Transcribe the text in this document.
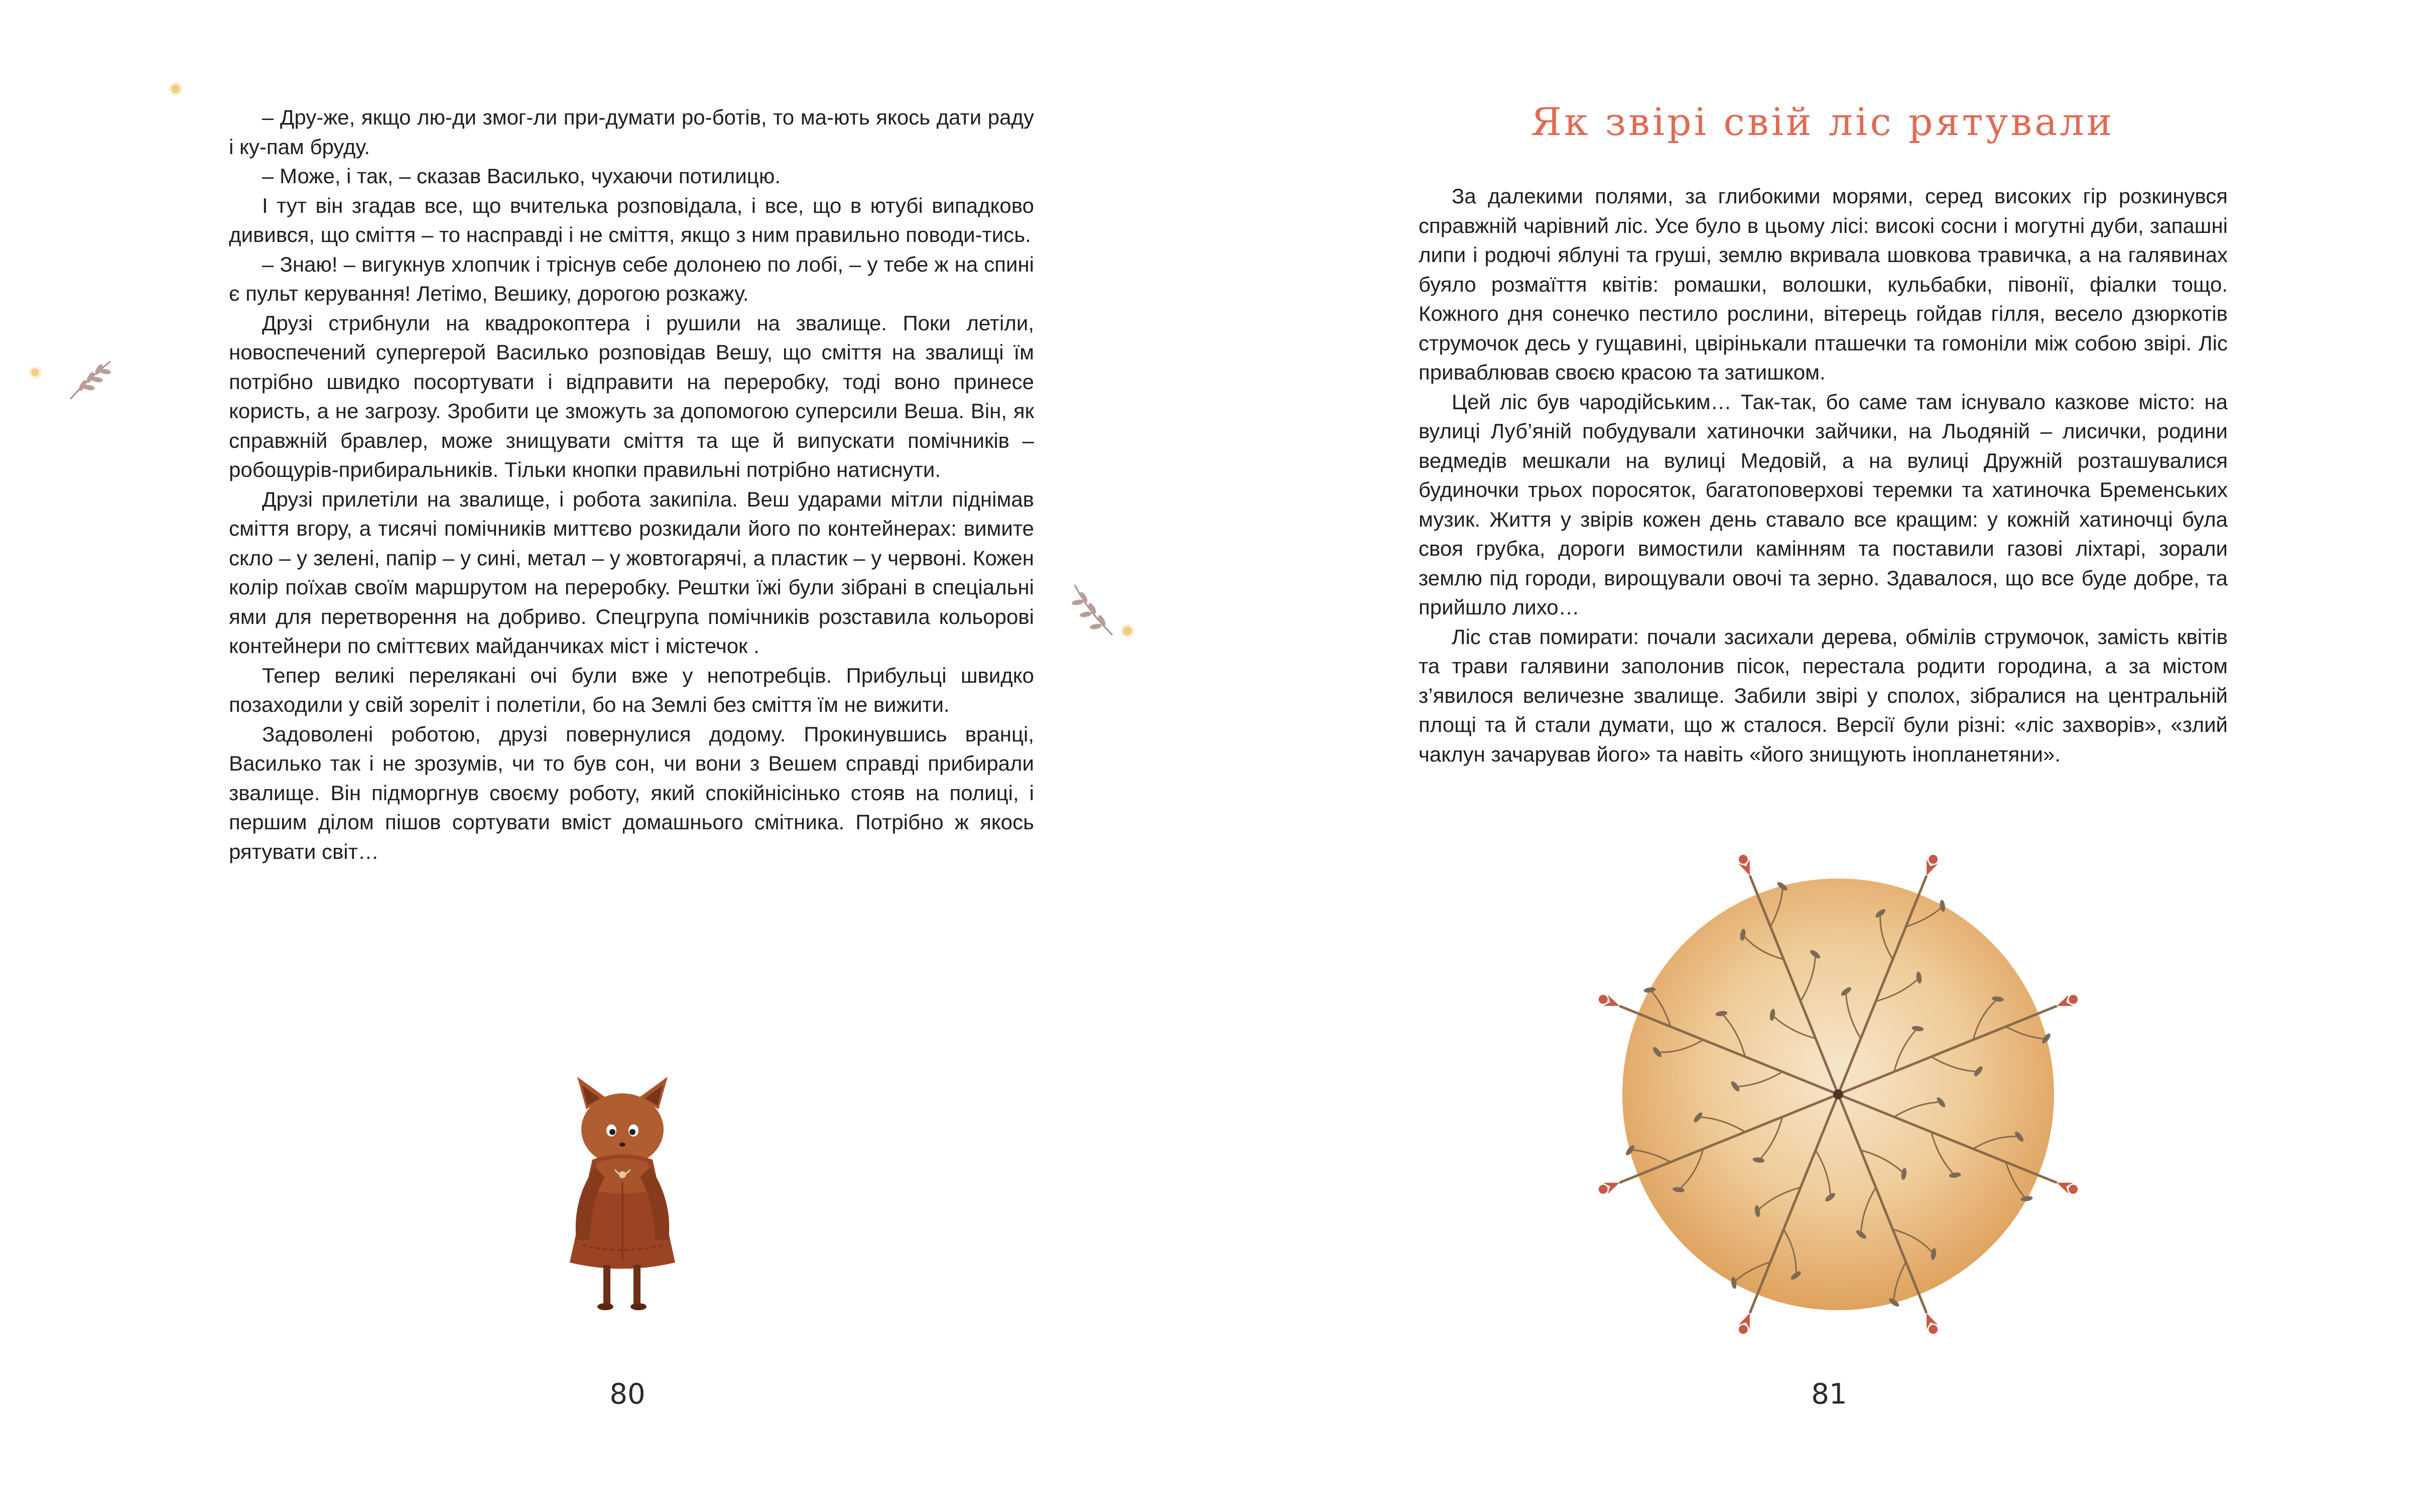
– Дру-же, якщо лю-ди змог-ли при-думати ро-ботів, то ма-ють якось дати раду і ку-пам бруду.

– Може, і так, – сказав Василько, чухаючи потилицю.

І тут він згадав все, що вчителька розповідала, і все, що в ютубі випадково дивився, що сміття – то насправді і не сміття, якщо з ним правильно поводи-тись.

– Знаю! – вигукнув хлопчик і тріснув себе долонею по лобі, – у тебе ж на спині є пульт керування! Летімо, Вешику, дорогою розкажу.

Друзі стрибнули на квадрокоптера і рушили на звалище. Поки летіли, новоспечений супергерой Василько розповідав Вешу, що сміття на звалищі їм потрібно швидко посортувати і відправити на переробку, тоді воно принесе користь, а не загрозу. Зробити це зможуть за допомогою суперсили Веша. Він, як справжній бравлер, може знищувати сміття та ще й випускати помічників – робощурів-прибиральників. Тільки кнопки правильні потрібно натиснути.

Друзі прилетіли на звалище, і робота закипіла. Веш ударами мітли піднімав сміття вгору, а тисячі помічників миттєво розкидали його по контейнерах: вимите скло – у зелені, папір – у сині, метал – у жовтогарячі, а пластик – у червоні. Кожен колір поїхав своїм маршрутом на переробку. Рештки їжі були зібрані в спеціальні ями для перетворення на добриво. Спецгрупа помічників розставила кольорові контейнери по сміттєвих майданчиках міст і містечок .

Тепер великі перелякані очі були вже у непотребців. Прибульці швидко позаходили у свій зореліт і полетіли, бо на Землі без сміття їм не вижити.

Задоволені роботою, друзі повернулися додому. Прокинувшись вранці, Василько так і не зрозумів, чи то був сон, чи вони з Вешем справді прибирали звалище. Він підморгнув своєму роботу, який спокійнісінько стояв на полиці, і першим ділом пішов сортувати вміст домашнього смітника. Потрібно ж якось рятувати світ…

80
Як звірі свій ліс рятували

За далекими полями, за глибокими морями, серед високих гір розкинувся справжній чарівний ліс. Усе було в цьому лісі: високі сосни і могутні дуби, запашні липи і родючі яблуні та груші, землю вкривала шовкова травичка, а на галявинах буяло розмаїття квітів: ромашки, волошки, кульбабки, півонії, фіалки тощо. Кожного дня сонечко пестило рослини, вітерець гойдав гілля, весело дзюркотів струмочок десь у гущавині, цвірінькали пташечки та гомоніли між собою звірі. Ліс приваблював своєю красою та затишком.

Цей ліс був чародійським… Так-так, бо саме там існувало казкове місто: на вулиці Луб’яній побудували хатиночки зайчики, на Льодяній – лисички, родини ведмедів мешкали на вулиці Медовій, а на вулиці Дружній розташувалися будиночки трьох поросяток, багатоповерхові теремки та хатиночка Бременських музик. Життя у звірів кожен день ставало все кращим: у кожній хатиночці була своя грубка, дороги вимостили камінням та поставили газові ліхтарі, зорали землю під городи, вирощували овочі та зерно. Здавалося, що все буде добре, та прийшло лихо…

Ліс став помирати: почали засихали дерева, обмілів струмочок, замість квітів та трави галявини заполонив пісок, перестала родити городина, а за містом з’явилося величезне звалище. Забили звірі у сполох, зібралися на центральній площі та й стали думати, що ж сталося. Версії були різні: «ліс захворів», «злий чаклун зачарував його» та навіть «його знищують інопланетяни».

81
